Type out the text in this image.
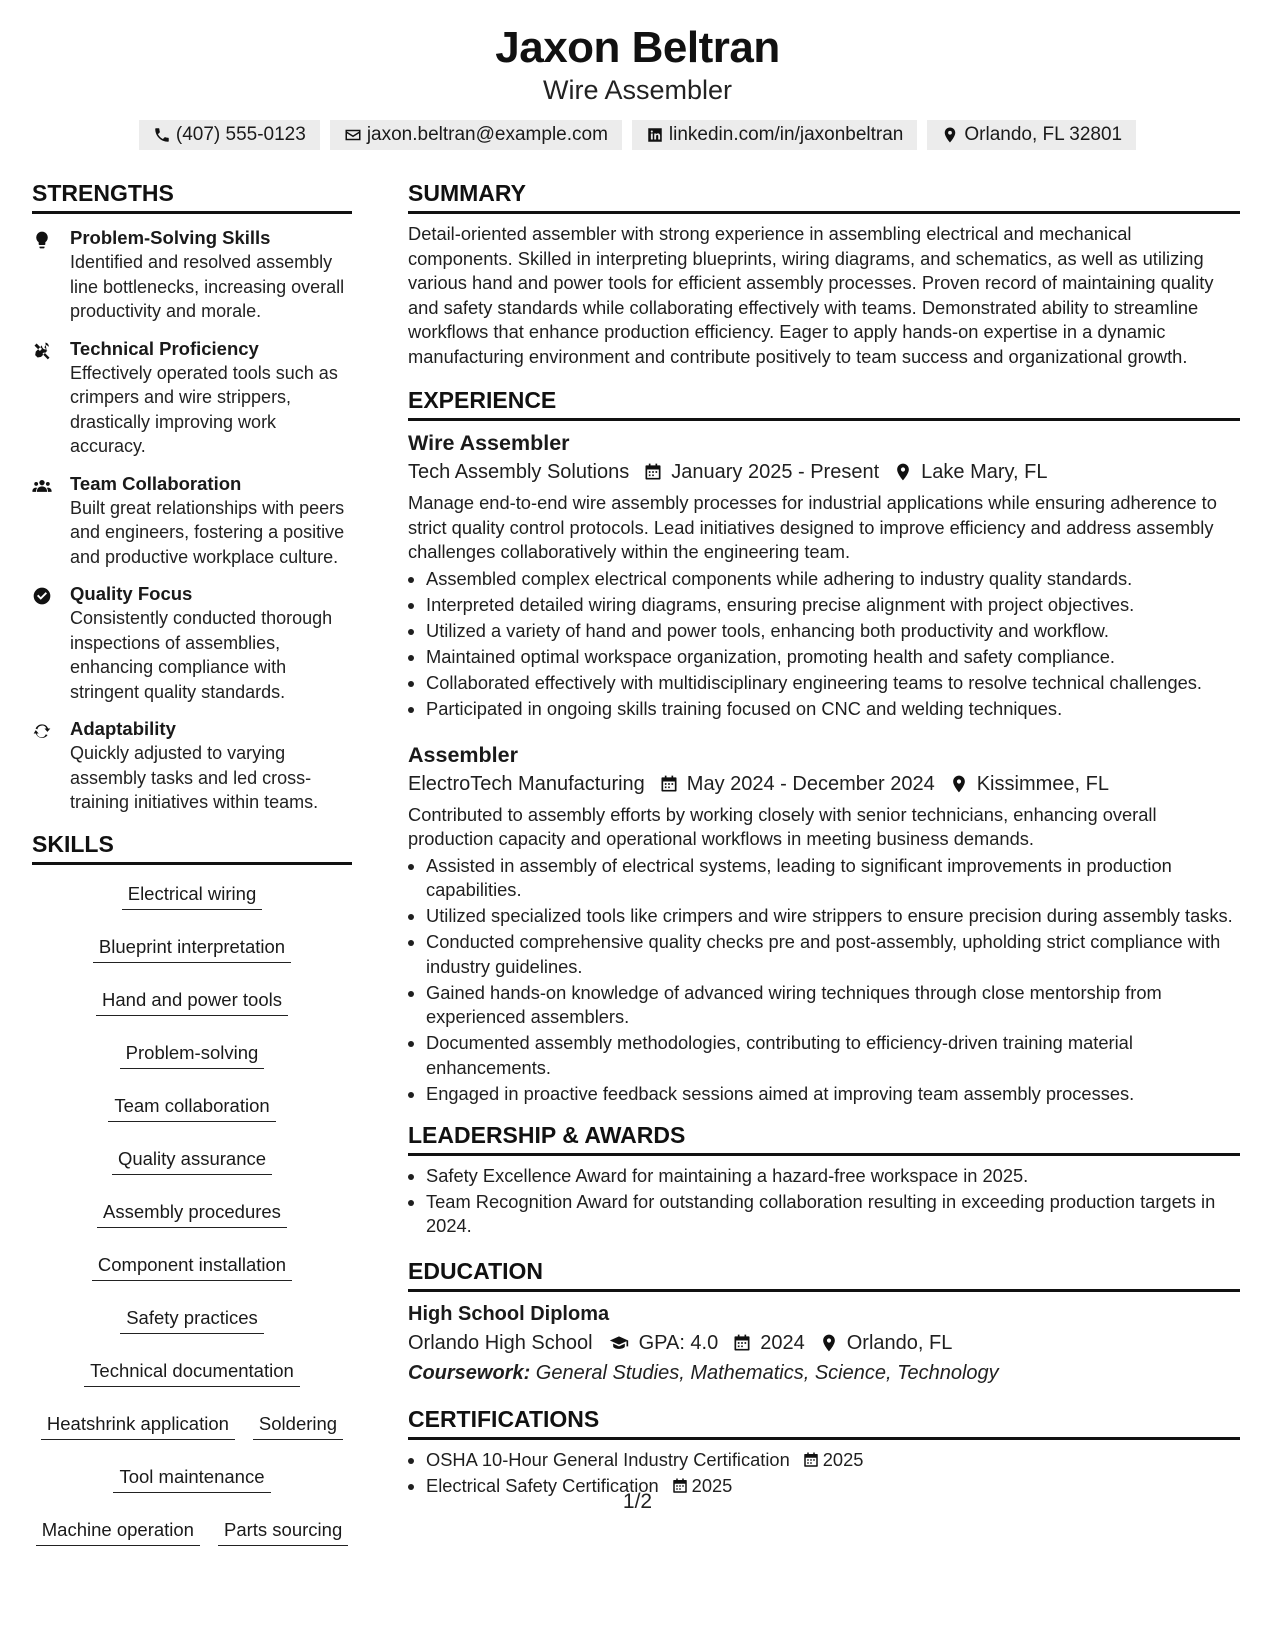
Jaxon Beltran
Wire Assembler
(407) 555-0123	jaxon.beltran@example.com	linkedin.com/in/jaxonbeltran	Orlando, FL 32801
STRENGTHS
Problem-Solving Skills
Identified and resolved assembly line bottlenecks, increasing overall productivity and morale.
Technical Proficiency
Effectively operated tools such as crimpers and wire strippers, drastically improving work accuracy.
Team Collaboration
Built great relationships with peers and engineers, fostering a positive and productive workplace culture.
Quality Focus
Consistently conducted thorough inspections of assemblies, enhancing compliance with stringent quality standards.
Adaptability
Quickly adjusted to varying assembly tasks and led cross-training initiatives within teams.
SKILLS
Electrical wiring
Blueprint interpretation
Hand and power tools
Problem-solving
Team collaboration
Quality assurance
Assembly procedures
Component installation
Safety practices
Technical documentation
Heatshrink application	Soldering
Tool maintenance
Machine operation	Parts sourcing
SUMMARY
Detail-oriented assembler with strong experience in assembling electrical and mechanical components. Skilled in interpreting blueprints, wiring diagrams, and schematics, as well as utilizing various hand and power tools for efficient assembly processes. Proven record of maintaining quality and safety standards while collaborating effectively with teams. Demonstrated ability to streamline workflows that enhance production efficiency. Eager to apply hands-on expertise in a dynamic manufacturing environment and contribute positively to team success and organizational growth.
EXPERIENCE
Wire Assembler
Tech Assembly Solutions January 2025 - Present Lake Mary, FL
Manage end-to-end wire assembly processes for industrial applications while ensuring adherence to strict quality control protocols. Lead initiatives designed to improve efficiency and address assembly challenges collaboratively within the engineering team.
• Assembled complex electrical components while adhering to industry quality standards.
• Interpreted detailed wiring diagrams, ensuring precise alignment with project objectives.
• Utilized a variety of hand and power tools, enhancing both productivity and workflow.
• Maintained optimal workspace organization, promoting health and safety compliance.
• Collaborated effectively with multidisciplinary engineering teams to resolve technical challenges.
• Participated in ongoing skills training focused on CNC and welding techniques.
Assembler
ElectroTech Manufacturing May 2024 - December 2024 Kissimmee, FL
Contributed to assembly efforts by working closely with senior technicians, enhancing overall production capacity and operational workflows in meeting business demands.
• Assisted in assembly of electrical systems, leading to significant improvements in production capabilities.
• Utilized specialized tools like crimpers and wire strippers to ensure precision during assembly tasks.
• Conducted comprehensive quality checks pre and post-assembly, upholding strict compliance with industry guidelines.
• Gained hands-on knowledge of advanced wiring techniques through close mentorship from experienced assemblers.
• Documented assembly methodologies, contributing to efficiency-driven training material enhancements.
• Engaged in proactive feedback sessions aimed at improving team assembly processes.
LEADERSHIP & AWARDS
• Safety Excellence Award for maintaining a hazard-free workspace in 2025.
• Team Recognition Award for outstanding collaboration resulting in exceeding production targets in 2024.
EDUCATION
High School Diploma
Orlando High School GPA: 4.0 2024 Orlando, FL
Coursework: General Studies, Mathematics, Science, Technology
CERTIFICATIONS
• OSHA 10-Hour General Industry Certification 2025
• Electrical Safety Certification 2025
1/2
